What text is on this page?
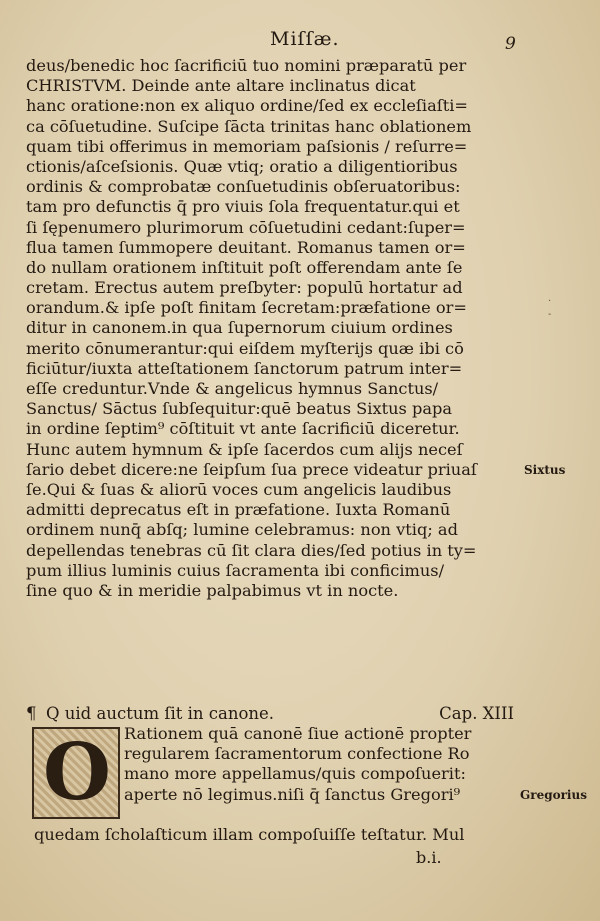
Miſſæ.	9
deus/benedic hoc ſacrificiū tuo nomini præparatū per
CHRISTVM. Deinde ante altare inclinatus dicat
hanc oratione:non ex aliquo ordine/ſed ex eccleſiaſti=
ca cōſuetudine. Suſcipe ſācta trinitas hanc oblationem
quam tibi offerimus in memoriam paſsionis / reſurre=
ctionis/aſceſsionis. Quæ vtiq; oratio a diligentioribus
ordinis & comprobatæ conſuetudinis obſeruatoribus:
tam pro defunctis q̄ pro viuis ſola frequentatur.qui et
ſi ſępenumero plurimorum cōſuetudini cedant:ſuper=
flua tamen ſummopere deuitant. Romanus tamen or=
do nullam orationem inſtituit poſt offerendam ante ſe
cretam. Erectus autem preſbyter: populū hortatur ad
orandum.& ipſe poſt finitam ſecretam:præfatione or=
ditur in canonem.in qua ſupernorum ciuium ordines
merito cōnumerantur:qui eiſdem myſterijs quæ ibi cō
ficiūtur/iuxta atteſtationem ſanctorum patrum inter=
eſſe creduntur.Vnde & angelicus hymnus Sanctus/
Sanctus/ Sāctus ſubſequitur:quē beatus Sixtus papa
in ordine ſeptim⁹ cōſtituit vt ante ſacrificiū diceretur.
Hunc autem hymnum & ipſe ſacerdos cum alijs neceſ
ſario debet dicere:ne ſeipſum ſua prece videatur priuaſ
ſe.Qui & ſuas & aliorū voces cum angelicis laudibus
admitti deprecatus eſt in præfatione. Iuxta Romanū
ordinem nunq̄ abſq; lumine celebramus: non vtiq; ad
depellendas tenebras cū ſit clara dies/ſed potius in ty=
pum illius luminis cuius ſacramenta ibi conficimus/
ſine quo & in meridie palpabimus vt in nocte.
¶ Q uid auctum ſit in canone.	Cap. XIII
O Rationem quā canonē ſiue actionē propter
regularem ſacramentorum confectione Ro
mano more appellamus/quis compoſuerit:
aperte nō legimus.niſi q̄ ſanctus Gregori⁹
quedam ſcholaſticum illam compoſuiſſe teſtatur. Mul
b.i.
Sixtus
Gregorius
·
-
